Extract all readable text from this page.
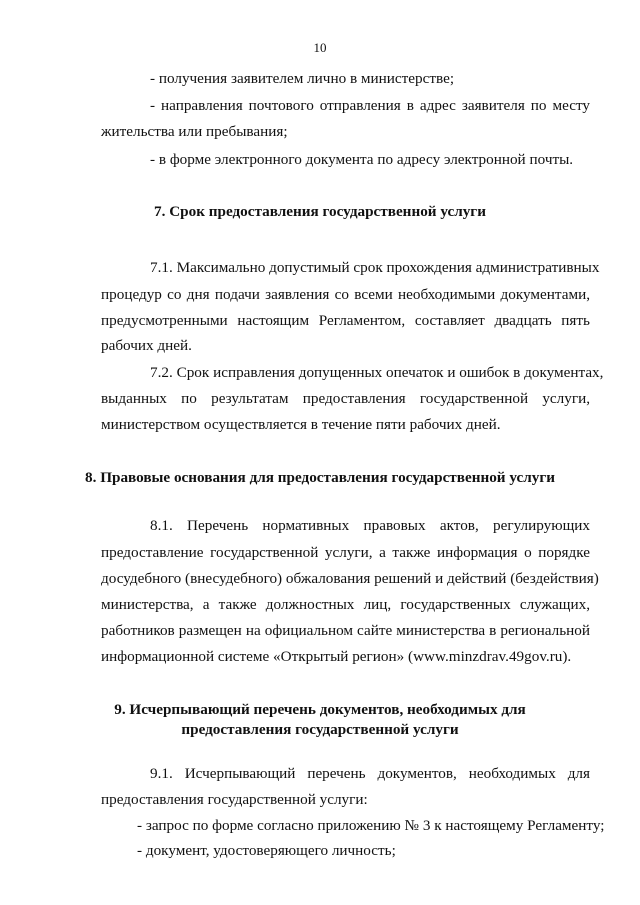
10
- получения заявителем лично в министерстве;
- направления почтового отправления в адрес заявителя по месту
жительства или пребывания;
- в форме электронного документа по адресу электронной почты.
7. Срок предоставления государственной услуги
7.1. Максимально допустимый срок прохождения административных
процедур со дня подачи заявления со всеми необходимыми документами,
предусмотренными настоящим Регламентом, составляет двадцать пять
рабочих дней.
7.2. Срок исправления допущенных опечаток и ошибок в документах,
выданных по результатам предоставления государственной услуги,
министерством осуществляется в течение пяти рабочих дней.
8. Правовые основания для предоставления государственной услуги
8.1. Перечень нормативных правовых актов, регулирующих
предоставление государственной услуги, а также информация о порядке
досудебного (внесудебного) обжалования решений и действий (бездействия)
министерства, а также должностных лиц, государственных служащих,
работников размещен на официальном сайте министерства в региональной
информационной системе «Открытый регион» (www.minzdrav.49gov.ru).
9. Исчерпывающий перечень документов, необходимых для
предоставления государственной услуги
9.1. Исчерпывающий перечень документов, необходимых для
предоставления государственной услуги:
- запрос по форме согласно приложению № 3 к настоящему Регламенту;
- документ, удостоверяющего личность;
